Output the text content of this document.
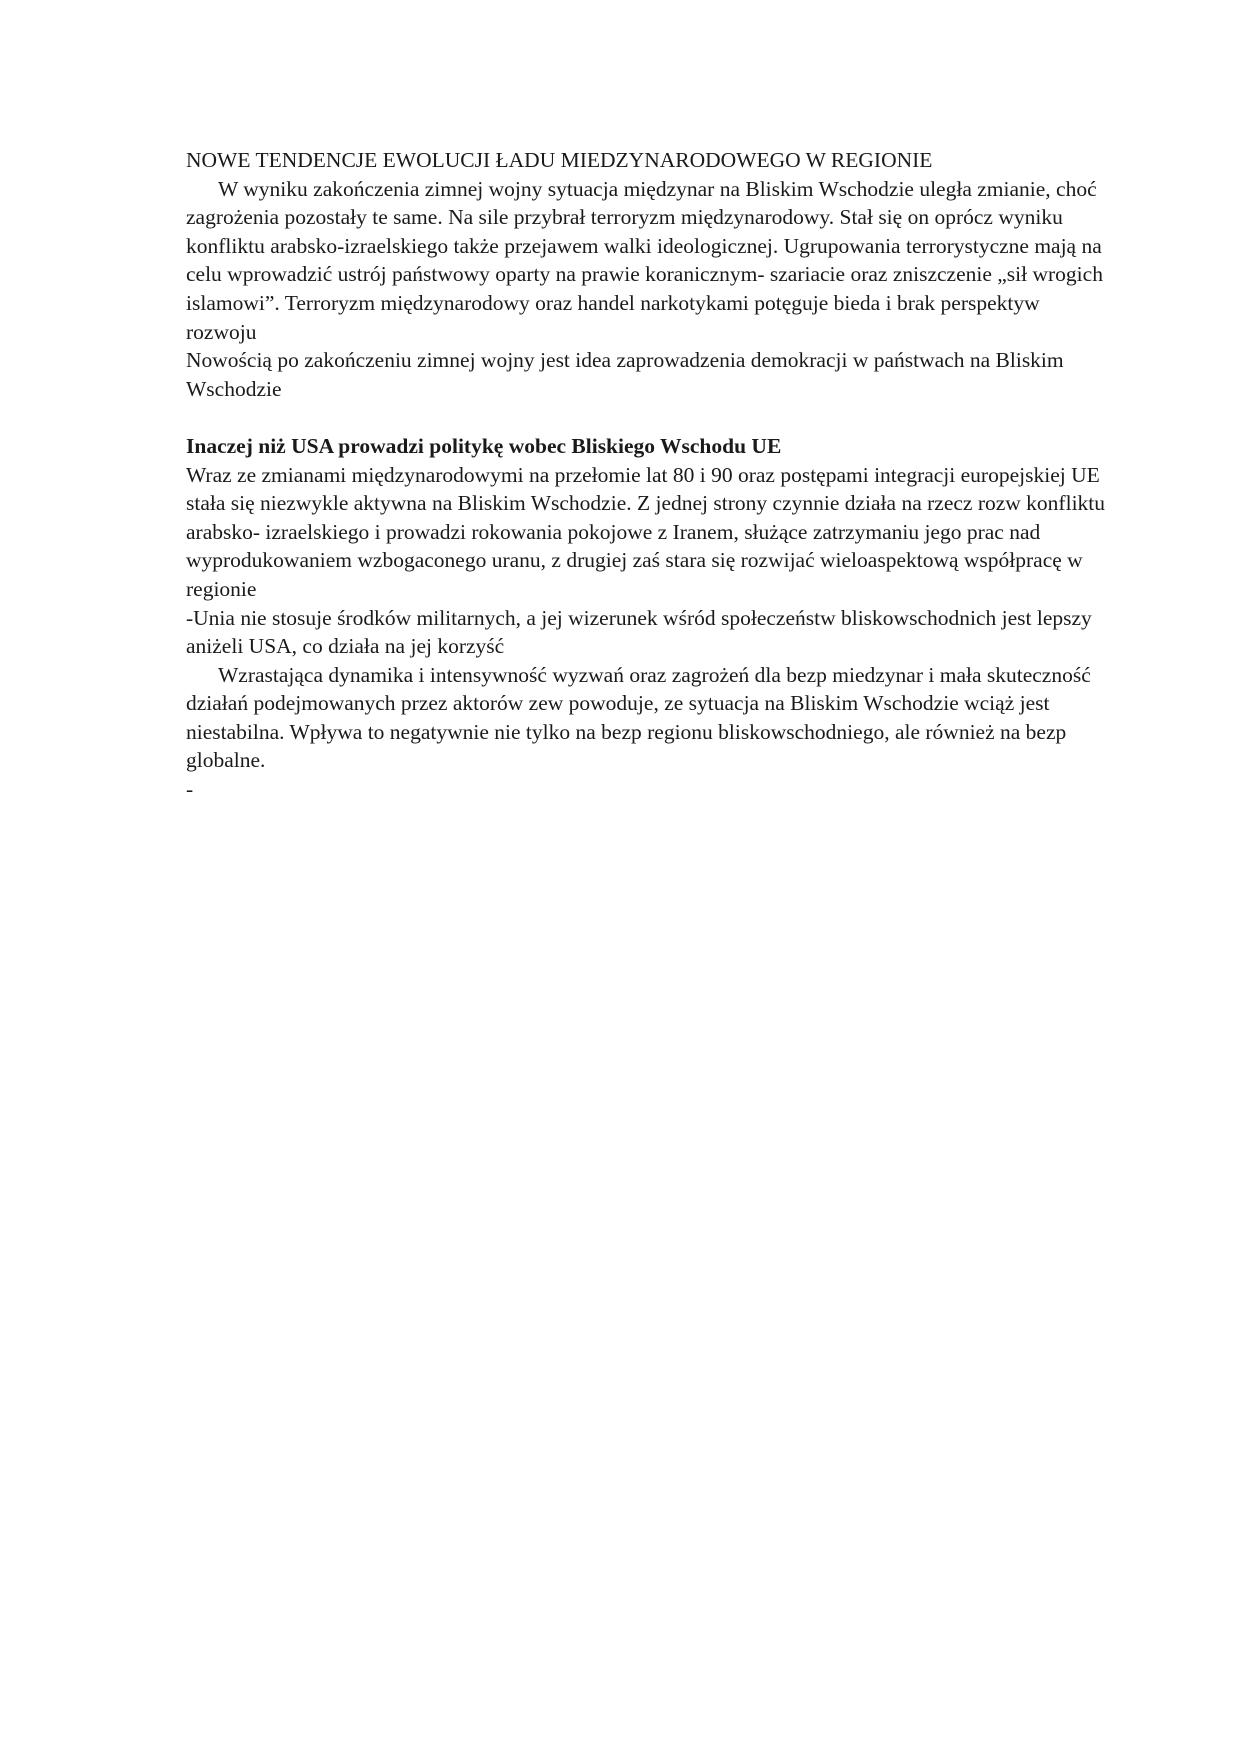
NOWE TENDENCJE EWOLUCJI ŁADU MIEDZYNARODOWEGO W REGIONIE

W wyniku zakończenia zimnej wojny sytuacja międzynar na Bliskim Wschodzie uległa zmianie, choć zagrożenia pozostały te same. Na sile przybrał terroryzm międzynarodowy. Stał się on oprócz wyniku konfliktu arabsko-izraelskiego także przejawem walki ideologicznej. Ugrupowania terrorystyczne mają na celu wprowadzić ustrój państwowy oparty na prawie koranicznym- szariacie oraz zniszczenie „sił wrogich islamowi”. Terroryzm międzynarodowy oraz handel narkotykami potęguje bieda i brak perspektyw rozwoju

Nowością po zakończeniu zimnej wojny jest idea zaprowadzenia demokracji w państwach na Bliskim Wschodzie

Inaczej niż USA prowadzi politykę wobec Bliskiego Wschodu UE

Wraz ze zmianami międzynarodowymi na przełomie lat 80 i 90 oraz postępami integracji europejskiej UE stała się niezwykle aktywna na Bliskim Wschodzie. Z jednej strony czynnie działa na rzecz rozw konfliktu arabsko- izraelskiego i prowadzi rokowania pokojowe z Iranem, służące zatrzymaniu jego prac nad wyprodukowaniem wzbogaconego uranu, z drugiej zaś stara się rozwijać wieloaspektową współpracę w regionie

-Unia nie stosuje środków militarnych, a jej wizerunek wśród społeczeństw bliskowschodnich jest lepszy aniżeli USA, co działa na jej korzyść

Wzrastająca dynamika i intensywność wyzwań oraz zagrożeń dla bezp miedzynar i mała skuteczność działań podejmowanych przez aktorów zew powoduje, ze sytuacja na Bliskim Wschodzie wciąż jest niestabilna. Wpływa to negatywnie nie tylko na bezp regionu bliskowschodniego, ale również na bezp globalne.

-
